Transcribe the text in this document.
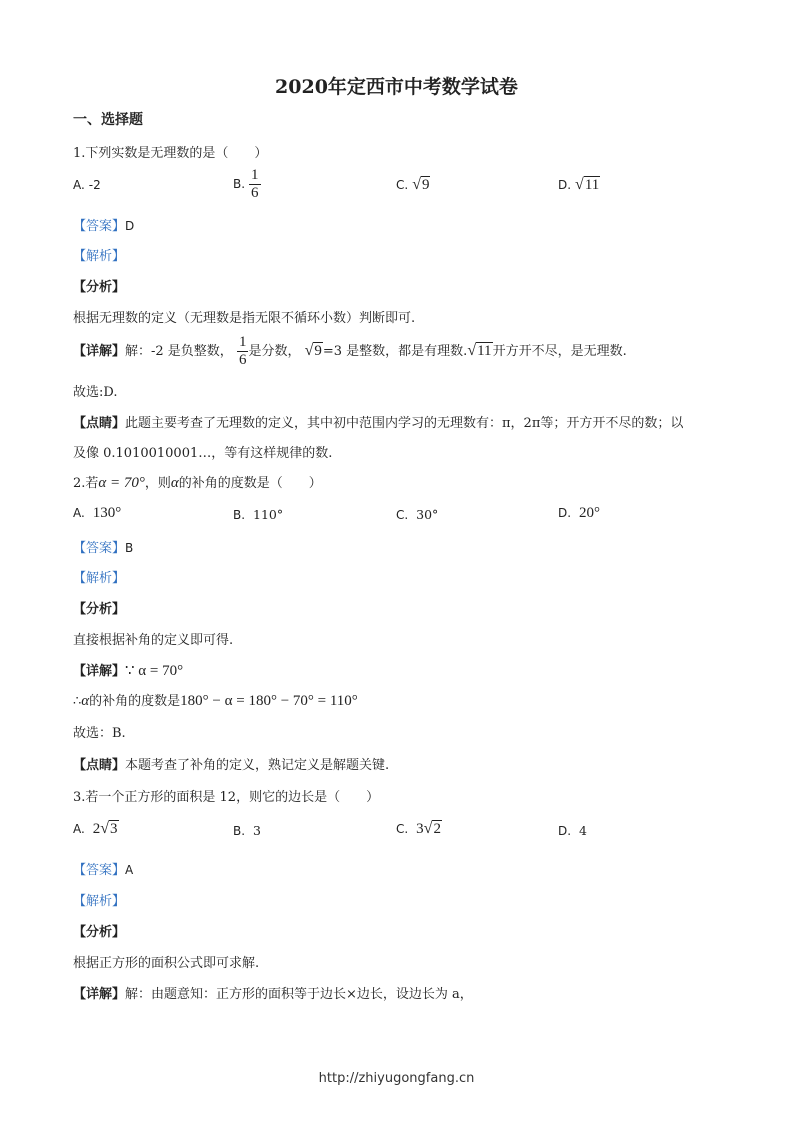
2020年定西市中考数学试卷
一、选择题
1.下列实数是无理数的是（　　）
A. -2	B. $\frac{1}{6}$	C. √9	D. √11
【答案】D
【解析】
【分析】
根据无理数的定义（无理数是指无限不循环小数）判断即可.
【详解】解：-2 是负整数， $\frac{1}{6}$ 是分数， √9=3 是整数，都是有理数.√11开方开不尽，是无理数.
故选:D.
【点睛】此题主要考查了无理数的定义，其中初中范围内学习的无理数有：π，2π等；开方开不尽的数；以
及像 0.1010010001…，等有这样规律的数.
2.若α = 70°，则α的补角的度数是（　　）
A. 130°	B. 110°	C. 30°	D. 20°
【答案】B
【解析】
【分析】
直接根据补角的定义即可得.
【详解】∵ α = 70°
∴α的补角的度数是180° − α = 180° − 70° = 110°
故选：B.
【点睛】本题考查了补角的定义，熟记定义是解题关键.
3.若一个正方形的面积是 12，则它的边长是（　　）
A. 2√3	B. 3	C. 3√2	D. 4
【答案】A
【解析】
【分析】
根据正方形的面积公式即可求解.
【详解】解：由题意知：正方形的面积等于边长×边长，设边长为 a，
http://zhiyugongfang.cn
